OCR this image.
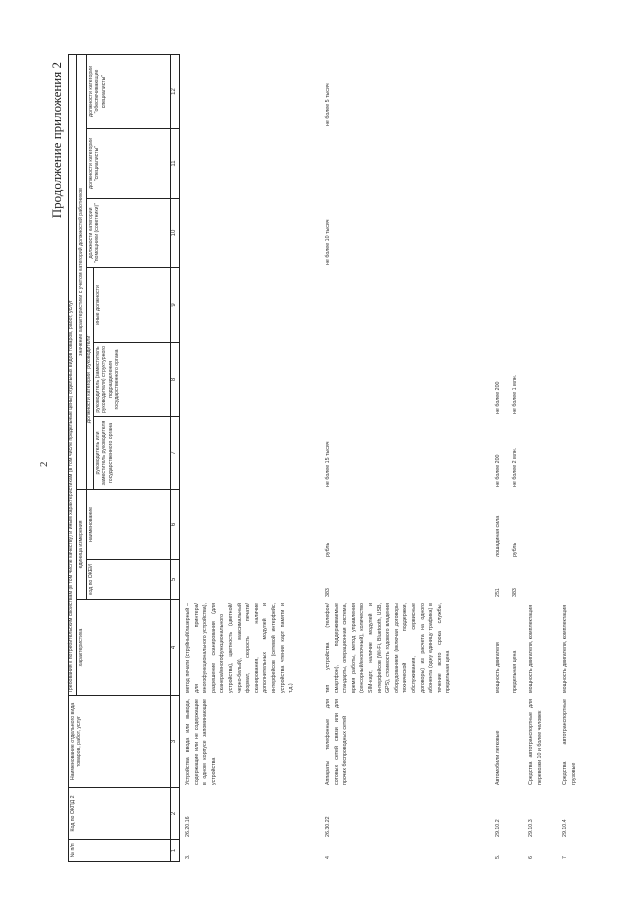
2
Продолжение приложения 2
№ п/п
Код по ОКПД 2
Наименование отдельного вида товаров, работ, услуг
Требования к потребительским свойствам (в том числе качеству) и иным характеристикам (в том числе предельные цены) отдельных видов товаров, работ, услуг характеристика
единица измерения
код по ОКЕИ
наименование
значение характеристики с учетом категорий должностей работников
должности категории "руководители"
руководитель или заместитель руководителя государственного органа
руководитель (заместитель руководителя) структурного подразделения государственного органа
иные должности
должности категории "помощники (советники)"
должности категории "специалисты"
должности категории "обеспечивающие специалисты"
1
2
3
4
5
6
7
8
9
10
11
12
3.
26.20.16
Устройства ввода или вывода, содержащие или не содержащие в одном корпусе запоминающие устройства
метод печати (струйный/лазерный – для принтера/многофункционального устройства), разрешение сканирования (для сканера/многофункционального устройства), цветность (цветной/черно-белый), максимальный формат, скорость печати/сканирования, наличие дополнительных модулей и интерфейсов (сетевой интерфейс, устройства чтения карт памяти и т.д.)
4
26.30.22
Аппараты телефонные для сотовых сетей связи или для прочих беспроводных сетей
тип устройства (телефон/смартфон), поддерживаемые стандарты, операционная система, время работы, метод управления (сенсорный/кнопочный), количество SIM-карт, наличие модулей и интерфейсов (Wi-Fi, Bluetooth, USB, GPS), стоимость годового владения оборудованием (включая договоры технической поддержки, обслуживания, сервисные договоры) из расчета на одного абонента (одну единицу трафика) в течение всего срока службы, предельная цена
383
рубль
не более 15 тысяч
не более 10 тысяч
не более 5 тысяч
5.
29.10.2
Автомобили легковые
мощность двигателя
251
лошадиная сила
не более 200
не более 200
предельная цена
383
рубль
не более 2 млн.
не более 1 млн.
6
29.10.3
Средства автотранспортные для перевозки 10 и более человек
мощность двигателя, комплектация
7
29.10.4
Средства автотранспортные грузовые
мощность двигателя, комплектация
